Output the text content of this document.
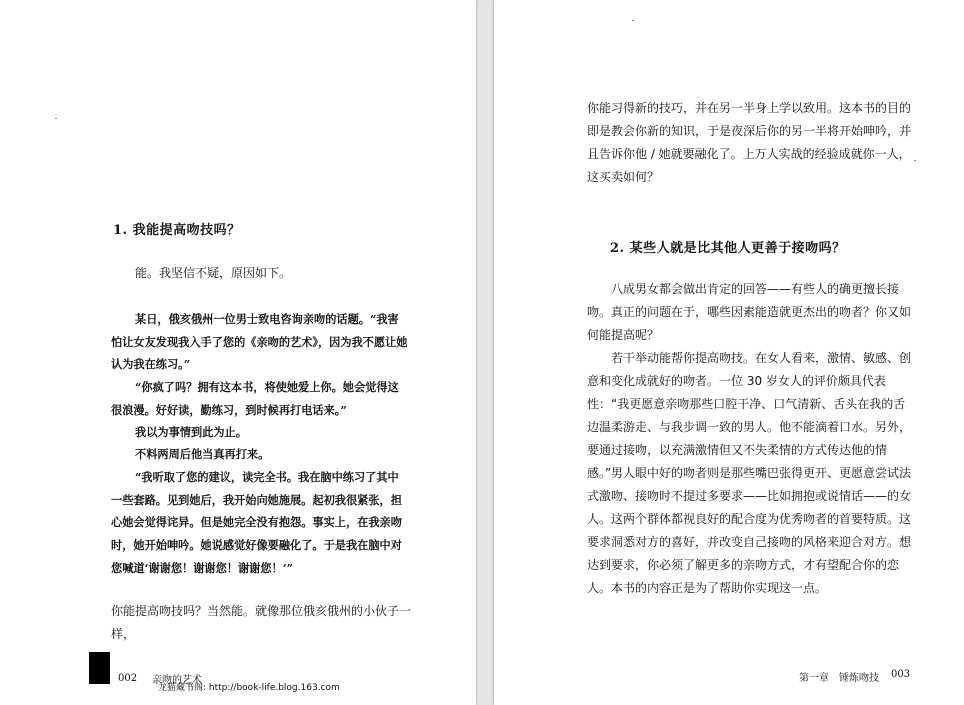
1. 我能提高吻技吗？
能。我坚信不疑，原因如下。
某日，俄亥俄州一位男士致电咨询亲吻的话题。“我害怕让女友发现我入手了您的《亲吻的艺术》，因为我不愿让她认为我在练习。”
“你疯了吗？拥有这本书，将使她爱上你。她会觉得这很浪漫。好好读，勤练习，到时候再打电话来。”
我以为事情到此为止。
不料两周后他当真再打来。
“我听取了您的建议，读完全书。我在脑中练习了其中一些套路。见到她后，我开始向她施展。起初我很紧张，担心她会觉得诧异。但是她完全没有抱怨。事实上，在我亲吻时，她开始呻吟。她说感觉好像要融化了。于是我在脑中对您喊道‘谢谢您！谢谢您！谢谢您！’”
你能提高吻技吗？当然能。就像那位俄亥俄州的小伙子一样，
002 亲吻的艺术
龙猫藏书阁: http://book-life.blog.163.com
你能习得新的技巧，并在另一半身上学以致用。这本书的目的即是教会你新的知识，于是夜深后你的另一半将开始呻吟，并且告诉你他 / 她就要融化了。上万人实战的经验成就你一人，这买卖如何？
2. 某些人就是比其他人更善于接吻吗？
八成男女都会做出肯定的回答——有些人的确更擅长接吻。真正的问题在于，哪些因素能造就更杰出的吻者？你又如何能提高呢？
若干举动能帮你提高吻技。在女人看来，激情、敏感、创意和变化成就好的吻者。一位 30 岁女人的评价颇具代表性：“我更愿意亲吻那些口腔干净、口气清新、舌头在我的舌边温柔游走、与我步调一致的男人。他不能滴着口水。另外，要通过接吻，以充满激情但又不失柔情的方式传达他的情感。” 男人眼中好的吻者则是那些嘴巴张得更开、更愿意尝试法式激吻、接吻时不提过多要求——比如拥抱或说情话——的女人。 这两个群体都视良好的配合度为优秀吻者的首要特质。这要求洞悉对方的喜好，并改变自己接吻的风格来迎合对方。想达到要求，你必须了解更多的亲吻方式，才有望配合你的恋人。本书的内容正是为了帮助你实现这一点。
第一章　锤炼吻技 003
